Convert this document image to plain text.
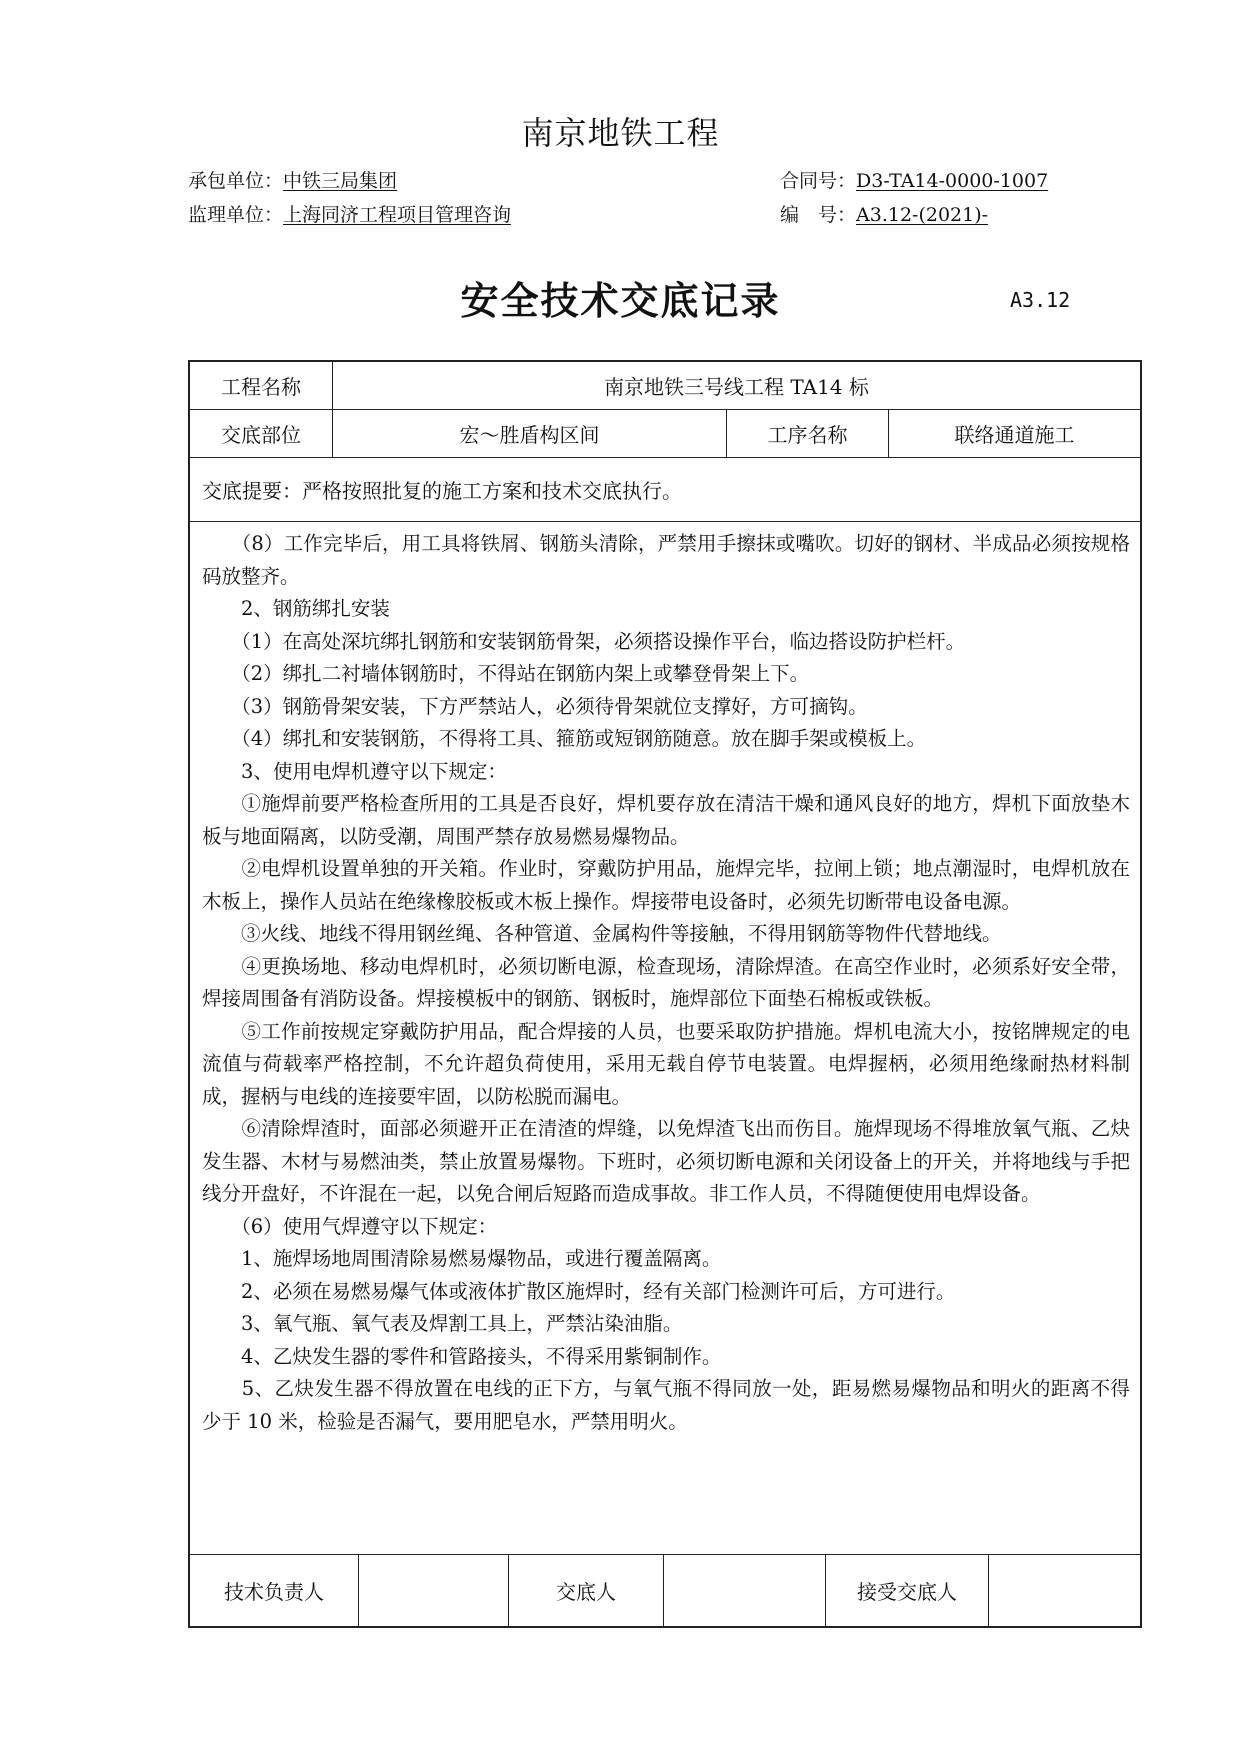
南京地铁工程
承包单位：中铁三局集团
监理单位：上海同济工程项目管理咨询
合同号：D3-TA14-0000-1007
编　号：A3.12-(2021)-
安全技术交底记录	A3.12
工程名称	南京地铁三号线工程 TA14 标
交底部位	宏～胜盾构区间	工序名称	联络通道施工
交底提要：严格按照批复的施工方案和技术交底执行。

　　（8）工作完毕后，用工具将铁屑、钢筋头清除，严禁用手擦抹或嘴吹。切好的钢材、半成品必须按规格码放整齐。

　　2、钢筋绑扎安装

　　（1）在高处深坑绑扎钢筋和安装钢筋骨架，必须搭设操作平台，临边搭设防护栏杆。

　　（2）绑扎二衬墙体钢筋时，不得站在钢筋内架上或攀登骨架上下。

　　（3）钢筋骨架安装，下方严禁站人，必须待骨架就位支撑好，方可摘钩。

　　（4）绑扎和安装钢筋，不得将工具、箍筋或短钢筋随意。放在脚手架或模板上。

　　3、使用电焊机遵守以下规定：

　　①施焊前要严格检查所用的工具是否良好，焊机要存放在清洁干燥和通风良好的地方，焊机下面放垫木板与地面隔离，以防受潮，周围严禁存放易燃易爆物品。

　　②电焊机设置单独的开关箱。作业时，穿戴防护用品，施焊完毕，拉闸上锁；地点潮湿时，电焊机放在木板上，操作人员站在绝缘橡胶板或木板上操作。焊接带电设备时，必须先切断带电设备电源。

　　③火线、地线不得用钢丝绳、各种管道、金属构件等接触，不得用钢筋等物件代替地线。

　　④更换场地、移动电焊机时，必须切断电源，检查现场，清除焊渣。在高空作业时，必须系好安全带，焊接周围备有消防设备。焊接模板中的钢筋、钢板时，施焊部位下面垫石棉板或铁板。

　　⑤工作前按规定穿戴防护用品，配合焊接的人员，也要采取防护措施。焊机电流大小，按铭牌规定的电流值与荷载率严格控制，不允许超负荷使用，采用无载自停节电装置。电焊握柄，必须用绝缘耐热材料制成，握柄与电线的连接要牢固，以防松脱而漏电。

　　⑥清除焊渣时，面部必须避开正在清渣的焊缝，以免焊渣飞出而伤目。施焊现场不得堆放氧气瓶、乙炔发生器、木材与易燃油类，禁止放置易爆物。下班时，必须切断电源和关闭设备上的开关，并将地线与手把线分开盘好，不许混在一起，以免合闸后短路而造成事故。非工作人员，不得随便使用电焊设备。

　　（6）使用气焊遵守以下规定：

　　1、施焊场地周围清除易燃易爆物品，或进行覆盖隔离。

　　2、必须在易燃易爆气体或液体扩散区施焊时，经有关部门检测许可后，方可进行。

　　3、氧气瓶、氧气表及焊割工具上，严禁沾染油脂。

　　4、乙炔发生器的零件和管路接头，不得采用紫铜制作。

　　5、乙炔发生器不得放置在电线的正下方，与氧气瓶不得同放一处，距易燃易爆物品和明火的距离不得少于 10 米，检验是否漏气，要用肥皂水，严禁用明火。

技术负责人	交底人	接受交底人
